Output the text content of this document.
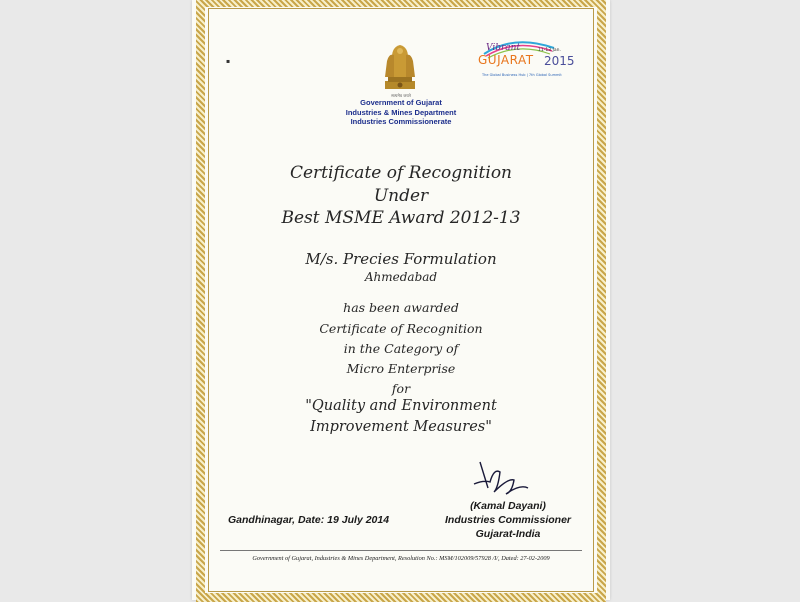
▪
सत्यमेव जयते
Government of Gujarat
Industries & Mines Department
Industries Commissionerate
Vibrant	11-13 Jan.
GUJARAT 2015
The Global Business Hub | 7th Global Summit
Certificate of Recognition
Under
Best MSME Award 2012-13
M/s. Precies Formulation
Ahmedabad
has been awarded
Certificate of Recognition
in the Category of
Micro Enterprise
for
"Quality and Environment
Improvement Measures"
Gandhinagar, Date: 19 July 2014
(Kamal Dayani)
Industries Commissioner
Gujarat-India
Government of Gujarat, Industries & Mines Department, Resolution No.: MSM/102009/57928 /I/, Dated: 27-02-2009
